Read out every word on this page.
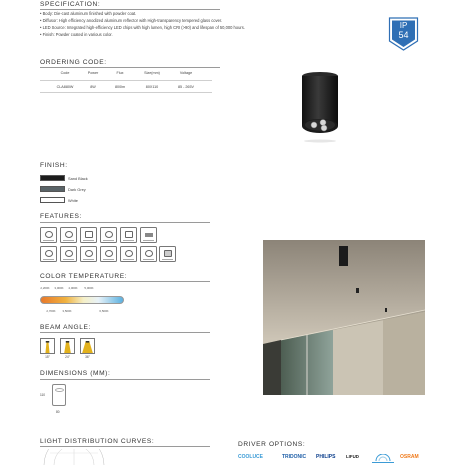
SPECIFICATION:
• Body: Die-cast aluminum finished with powder coat.
• Diffusor: High efficiency anodized aluminum reflector with High-transparency tempered glass cover.
• LED Source: Integrated high-efficiency LED chips with high lumen, high CRI (>90) and lifespan of 50,000 hours.
• Finish: Powder coated in various color.
IP
54
ORDERING CODE:
Code	Power	Flux	Size(mm)	Voltage
CLA880W	8W	800lm	80X110	85 - 265V
FINISH:
Sand Black
Dark Grey
White
FEATURES:
COLOR TEMPERATURE:
2,200K 3,000K 4,000K 5,000K
2,700K 3,500K	6,500K
BEAM ANGLE:
15°	24°	36°
DIMENSIONS (MM):
110
80
LIGHT DISTRIBUTION CURVES:	DRIVER OPTIONS:
COOLUCE	TRIDONIC PHILIPS LIFUD	OSRAM
